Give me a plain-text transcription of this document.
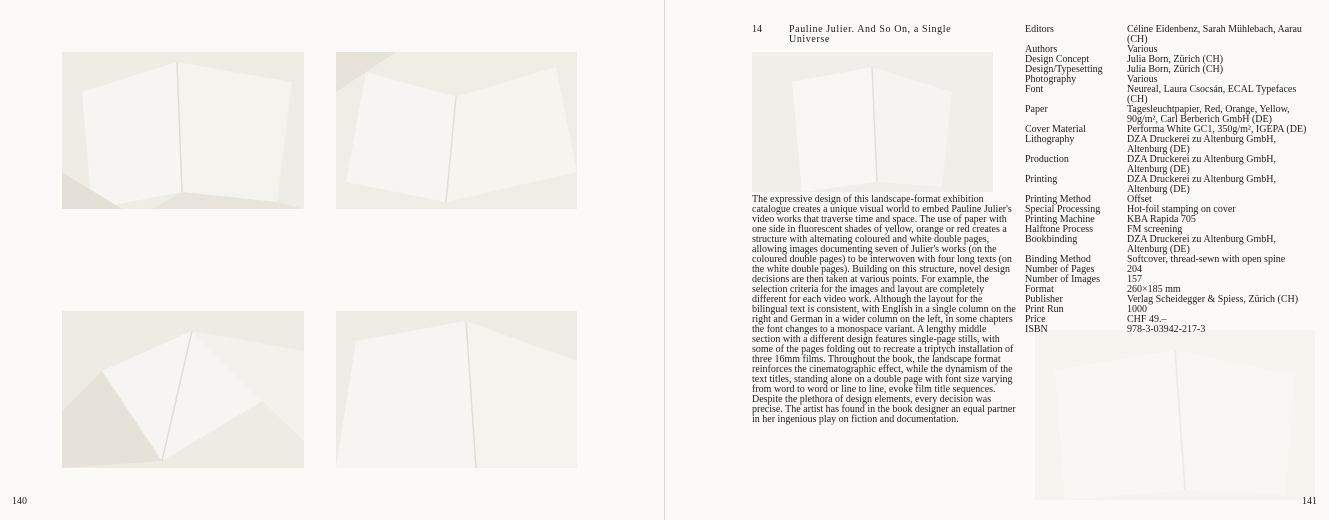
140
14	Pauline Julier. And So On, a Single Universe

The expressive design of this landscape-format exhibition catalogue creates a unique visual world to embed Pauline Julier's video works that traverse time and space. The use of paper with one side in fluorescent shades of yellow, orange or red creates a structure with alternating coloured and white double pages, allowing images documenting seven of Julier's works (on the coloured double pages) to be interwoven with four long texts (on the white double pages). Building on this structure, novel design decisions are then taken at various points. For example, the selection criteria for the images and layout are completely different for each video work. Although the layout for the bilingual text is consistent, with English in a single column on the right and German in a wider column on the left, in some chapters the font changes to a monospace variant. A lengthy middle section with a different design features single-page stills, with some of the pages folding out to recreate a triptych installation of three 16mm films. Throughout the book, the landscape format reinforces the cinematographic effect, while the dynamism of the text titles, standing alone on a double page with font size varying from word to word or line to line, evoke film title sequences. Despite the plethora of design elements, every decision was precise. The artist has found in the book designer an equal partner in her ingenious play on fiction and documentation.

Editors	Céline Eidenbenz, Sarah Mühlebach, Aarau (CH)
Authors	Various
Design Concept	Julia Born, Zürich (CH)
Design/Typesetting	Julia Born, Zürich (CH)
Photography	Various
Font	Neureal, Laura Csocsán, ECAL Typefaces (CH)
Paper	Tagesleuchtpapier, Red, Orange, Yellow, 90g/m², Carl Berberich GmbH (DE)
Cover Material	Performa White GC1, 350g/m², IGEPA (DE)
Lithography	DZA Druckerei zu Altenburg GmbH, Altenburg (DE)
Production	DZA Druckerei zu Altenburg GmbH, Altenburg (DE)
Printing	DZA Druckerei zu Altenburg GmbH, Altenburg (DE)
Printing Method	Offset
Special Processing	Hot-foil stamping on cover
Printing Machine	KBA Rapida 705
Halftone Process	FM screening
Bookbinding	DZA Druckerei zu Altenburg GmbH, Altenburg (DE)
Binding Method	Softcover, thread-sewn with open spine
Number of Pages	204
Number of Images	157
Format	260×185 mm
Publisher	Verlag Scheidegger & Spiess, Zürich (CH)
Print Run	1000
Price	CHF 49.–
ISBN	978-3-03942-217-3
141
